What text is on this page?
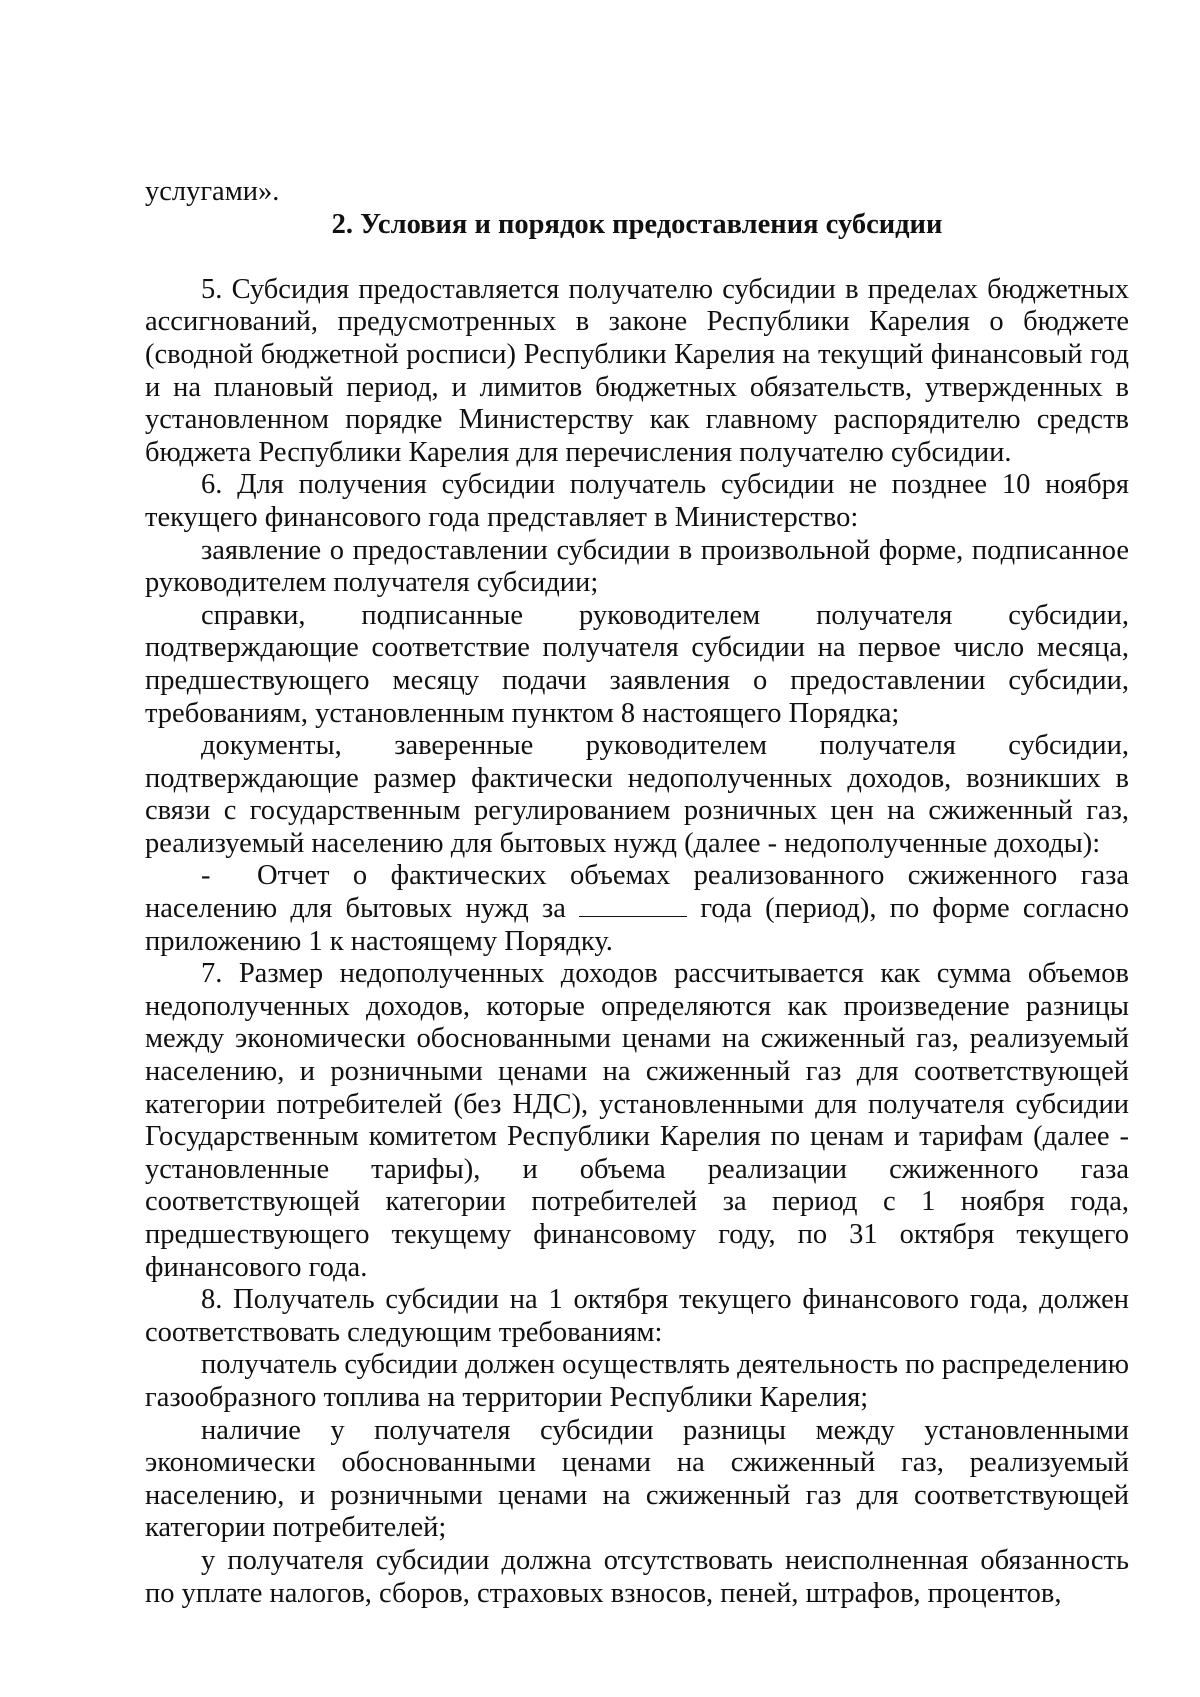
услугами».

2. Условия и порядок предоставления субсидии

5. Субсидия предоставляется получателю субсидии в пределах бюджетных ассигнований, предусмотренных в законе Республики Карелия о бюджете (сводной бюджетной росписи) Республики Карелия на текущий финансовый год и на плановый период, и лимитов бюджетных обязательств, утвержденных в установленном порядке Министерству как главному распорядителю средств бюджета Республики Карелия для перечисления получателю субсидии.

6. Для получения субсидии получатель субсидии не позднее 10 ноября текущего финансового года представляет в Министерство:

заявление о предоставлении субсидии в произвольной форме, подписанное руководителем получателя субсидии;

справки, подписанные руководителем получателя субсидии, подтверждающие соответствие получателя субсидии на первое число месяца, предшествующего месяцу подачи заявления о предоставлении субсидии, требованиям, установленным пунктом 8 настоящего Порядка;

документы, заверенные руководителем получателя субсидии, подтверждающие размер фактически недополученных доходов, возникших в связи с государственным регулированием розничных цен на сжиженный газ, реализуемый населению для бытовых нужд (далее - недополученные доходы):

- Отчет о фактических объемах реализованного сжиженного газа населению для бытовых нужд за	года (период), по форме согласно приложению 1 к настоящему Порядку.

7. Размер недополученных доходов рассчитывается как сумма объемов недополученных доходов, которые определяются как произведение разницы между экономически обоснованными ценами на сжиженный газ, реализуемый населению, и розничными ценами на сжиженный газ для соответствующей категории потребителей (без НДС), установленными для получателя субсидии Государственным комитетом Республики Карелия по ценам и тарифам (далее - установленные тарифы), и объема реализации сжиженного газа соответствующей категории потребителей за период с 1 ноября года, предшествующего текущему финансовому году, по 31 октября текущего финансового года.

8. Получатель субсидии на 1 октября текущего финансового года, должен соответствовать следующим требованиям:

получатель субсидии должен осуществлять деятельность по распределению газообразного топлива на территории Республики Карелия;

наличие у получателя субсидии разницы между установленными экономически обоснованными ценами на сжиженный газ, реализуемый населению, и розничными ценами на сжиженный газ для соответствующей категории потребителей;

у получателя субсидии должна отсутствовать неисполненная обязанность по уплате налогов, сборов, страховых взносов, пеней, штрафов, процентов,
